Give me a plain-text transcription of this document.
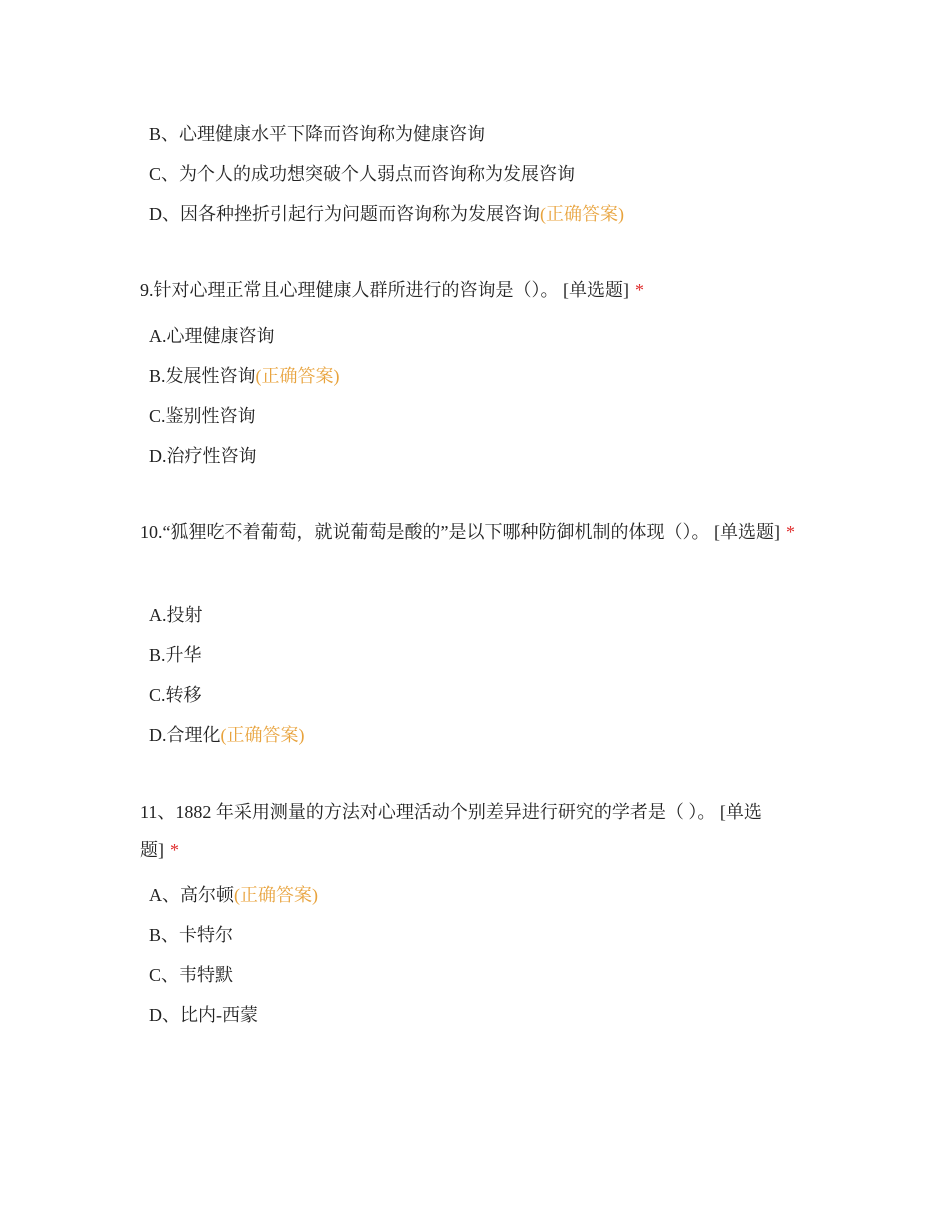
B、心理健康水平下降而咨询称为健康咨询
C、为个人的成功想突破个人弱点而咨询称为发展咨询
D、因各种挫折引起行为问题而咨询称为发展咨询(正确答案)
9.针对心理正常且心理健康人群所进行的咨询是（）。 [单选题] *
A.心理健康咨询
B.发展性咨询(正确答案)
C.鉴别性咨询
D.治疗性咨询
10.“狐狸吃不着葡萄，就说葡萄是酸的”是以下哪种防御机制的体现（）。 [单选题] *
A.投射
B.升华
C.转移
D.合理化(正确答案)
11、1882 年采用测量的方法对心理活动个别差异进行研究的学者是（ ）。 [单选题] *
A、高尔顿(正确答案)
B、卡特尔
C、韦特默
D、比内-西蒙
